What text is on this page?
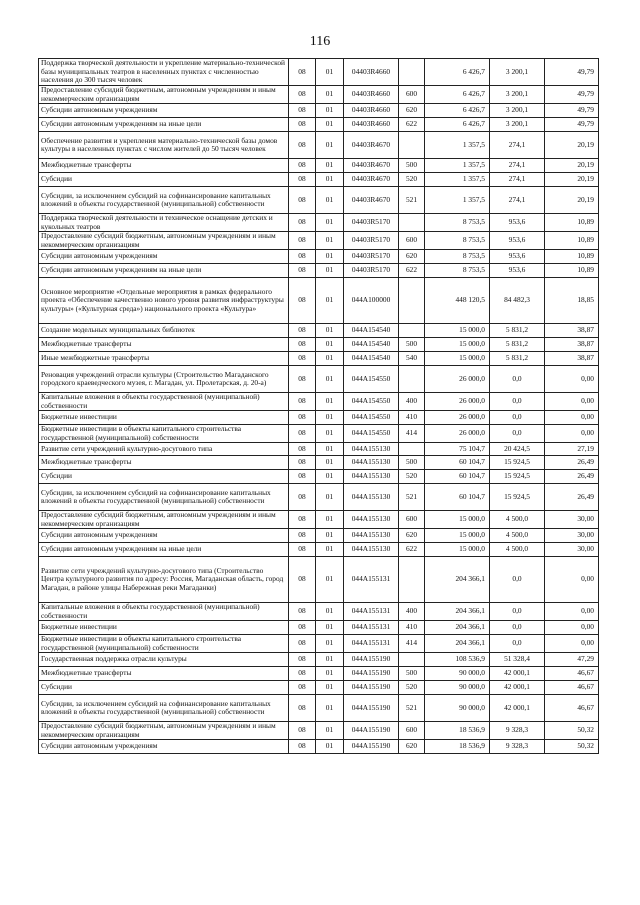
116
Поддержка творческой деятельности и укрепление материально-технической базы муниципальных театров в населенных пунктах с численностью населения до 300 тысяч человек	08	01	04403R4660		6 426,7	3 200,1	49,79
Предоставление субсидий бюджетным, автономным учреждениям и иным некоммерческим организациям	08	01	04403R4660	600	6 426,7	3 200,1	49,79
Субсидии автономным учреждениям	08	01	04403R4660	620	6 426,7	3 200,1	49,79
Субсидии автономным учреждениям на иные цели	08	01	04403R4660	622	6 426,7	3 200,1	49,79
Обеспечение развития и укрепления материально-технической базы домов культуры в населенных пунктах с числом жителей до 50 тысяч человек	08	01	04403R4670		1 357,5	274,1	20,19
Межбюджетные трансферты	08	01	04403R4670	500	1 357,5	274,1	20,19
Субсидии	08	01	04403R4670	520	1 357,5	274,1	20,19
Субсидии, за исключением субсидий на софинансирование капитальных вложений в объекты государственной (муниципальной) собственности	08	01	04403R4670	521	1 357,5	274,1	20,19
Поддержка творческой деятельности и техническое оснащение детских и кукольных театров	08	01	04403R5170		8 753,5	953,6	10,89
Предоставление субсидий бюджетным, автономным учреждениям и иным некоммерческим организациям	08	01	04403R5170	600	8 753,5	953,6	10,89
Субсидии автономным учреждениям	08	01	04403R5170	620	8 753,5	953,6	10,89
Субсидии автономным учреждениям на иные цели	08	01	04403R5170	622	8 753,5	953,6	10,89
Основное мероприятие «Отдельные мероприятия в рамках федерального проекта «Обеспечение качественно нового уровня развития инфраструктуры культуры» («Культурная среда») национального проекта «Культура»	08	01	044A100000		448 120,5	84 482,3	18,85
Создание модельных муниципальных библиотек	08	01	044A154540		15 000,0	5 831,2	38,87
Межбюджетные трансферты	08	01	044A154540	500	15 000,0	5 831,2	38,87
Иные межбюджетные трансферты	08	01	044A154540	540	15 000,0	5 831,2	38,87
Реновация учреждений отрасли культуры (Строительство Магаданского городского краеведческого музея, г. Магадан, ул. Пролетарская, д. 20-а)	08	01	044A154550		26 000,0	0,0	0,00
Капитальные вложения в объекты государственной (муниципальной) собственности	08	01	044A154550	400	26 000,0	0,0	0,00
Бюджетные инвестиции	08	01	044A154550	410	26 000,0	0,0	0,00
Бюджетные инвестиции в объекты капитального строительства государственной (муниципальной) собственности	08	01	044A154550	414	26 000,0	0,0	0,00
Развитие сети учреждений культурно-досугового типа	08	01	044A155130		75 104,7	20 424,5	27,19
Межбюджетные трансферты	08	01	044A155130	500	60 104,7	15 924,5	26,49
Субсидии	08	01	044A155130	520	60 104,7	15 924,5	26,49
Субсидии, за исключением субсидий на софинансирование капитальных вложений в объекты государственной (муниципальной) собственности	08	01	044A155130	521	60 104,7	15 924,5	26,49
Предоставление субсидий бюджетным, автономным учреждениям и иным некоммерческим организациям	08	01	044A155130	600	15 000,0	4 500,0	30,00
Субсидии автономным учреждениям	08	01	044A155130	620	15 000,0	4 500,0	30,00
Субсидии автономным учреждениям на иные цели	08	01	044A155130	622	15 000,0	4 500,0	30,00
Развитие сети учреждений культурно-досугового типа (Строительство Центра культурного развития по адресу: Россия, Магаданская область, город Магадан, в районе улицы Набережная реки Магаданки)	08	01	044A155131		204 366,1	0,0	0,00
Капитальные вложения в объекты государственной (муниципальной) собственности	08	01	044A155131	400	204 366,1	0,0	0,00
Бюджетные инвестиции	08	01	044A155131	410	204 366,1	0,0	0,00
Бюджетные инвестиции в объекты капитального строительства государственной (муниципальной) собственности	08	01	044A155131	414	204 366,1	0,0	0,00
Государственная поддержка отрасли культуры	08	01	044A155190		108 536,9	51 328,4	47,29
Межбюджетные трансферты	08	01	044A155190	500	90 000,0	42 000,1	46,67
Субсидии	08	01	044A155190	520	90 000,0	42 000,1	46,67
Субсидии, за исключением субсидий на софинансирование капитальных вложений в объекты государственной (муниципальной) собственности	08	01	044A155190	521	90 000,0	42 000,1	46,67
Предоставление субсидий бюджетным, автономным учреждениям и иным некоммерческим организациям	08	01	044A155190	600	18 536,9	9 328,3	50,32
Субсидии автономным учреждениям	08	01	044A155190	620	18 536,9	9 328,3	50,32
